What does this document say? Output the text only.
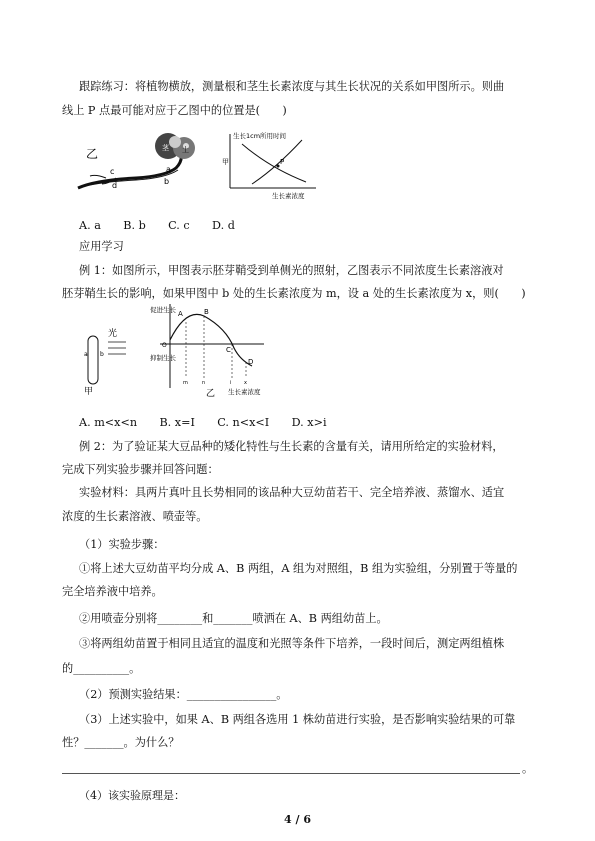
跟踪练习：将植物横放，测量根和茎生长素浓度与其生长状况的关系如甲图所示。则曲
线上 P 点最可能对应于乙图中的位置是(　　)
乙
c
d
a
b
茎 土
生长1cm所用时间
甲	P
生长素浓度
A. a　　B. b　　C. c　　D. d
应用学习
例 1：如图所示，甲图表示胚芽鞘受到单侧光的照射，乙图表示不同浓度生长素溶液对
胚芽鞘生长的影响，如果甲图中 b 处的生长素浓度为 m，设 a 处的生长素浓度为 x，则(　　)
光
a b
甲
促进生长
抑制生长
O
A	B
C
D
m	n	i	x
乙 生长素浓度
A. m<x<n　　B. x=I　　C. n<x<I　　D. x>i
例 2：为了验证某大豆品种的矮化特性与生长素的含量有关，请用所给定的实验材料，
完成下列实验步骤并回答问题：
实验材料：具两片真叶且长势相同的该品种大豆幼苗若干、完全培养液、蒸馏水、适宜
浓度的生长素溶液、喷壶等。
（1）实验步骤：
①将上述大豆幼苗平均分成 A、B 两组，A 组为对照组，B 组为实验组，分别置于等量的
完全培养液中培养。
②用喷壶分别将________和_______喷洒在 A、B 两组幼苗上。
③将两组幼苗置于相同且适宜的温度和光照等条件下培养，一段时间后，测定两组植株
的__________。
（2）预测实验结果：________________。
（3）上述实验中，如果 A、B 两组各选用 1 株幼苗进行实验，是否影响实验结果的可靠
性？_______。为什么？
。
（4）该实验原理是：
4 / 6
